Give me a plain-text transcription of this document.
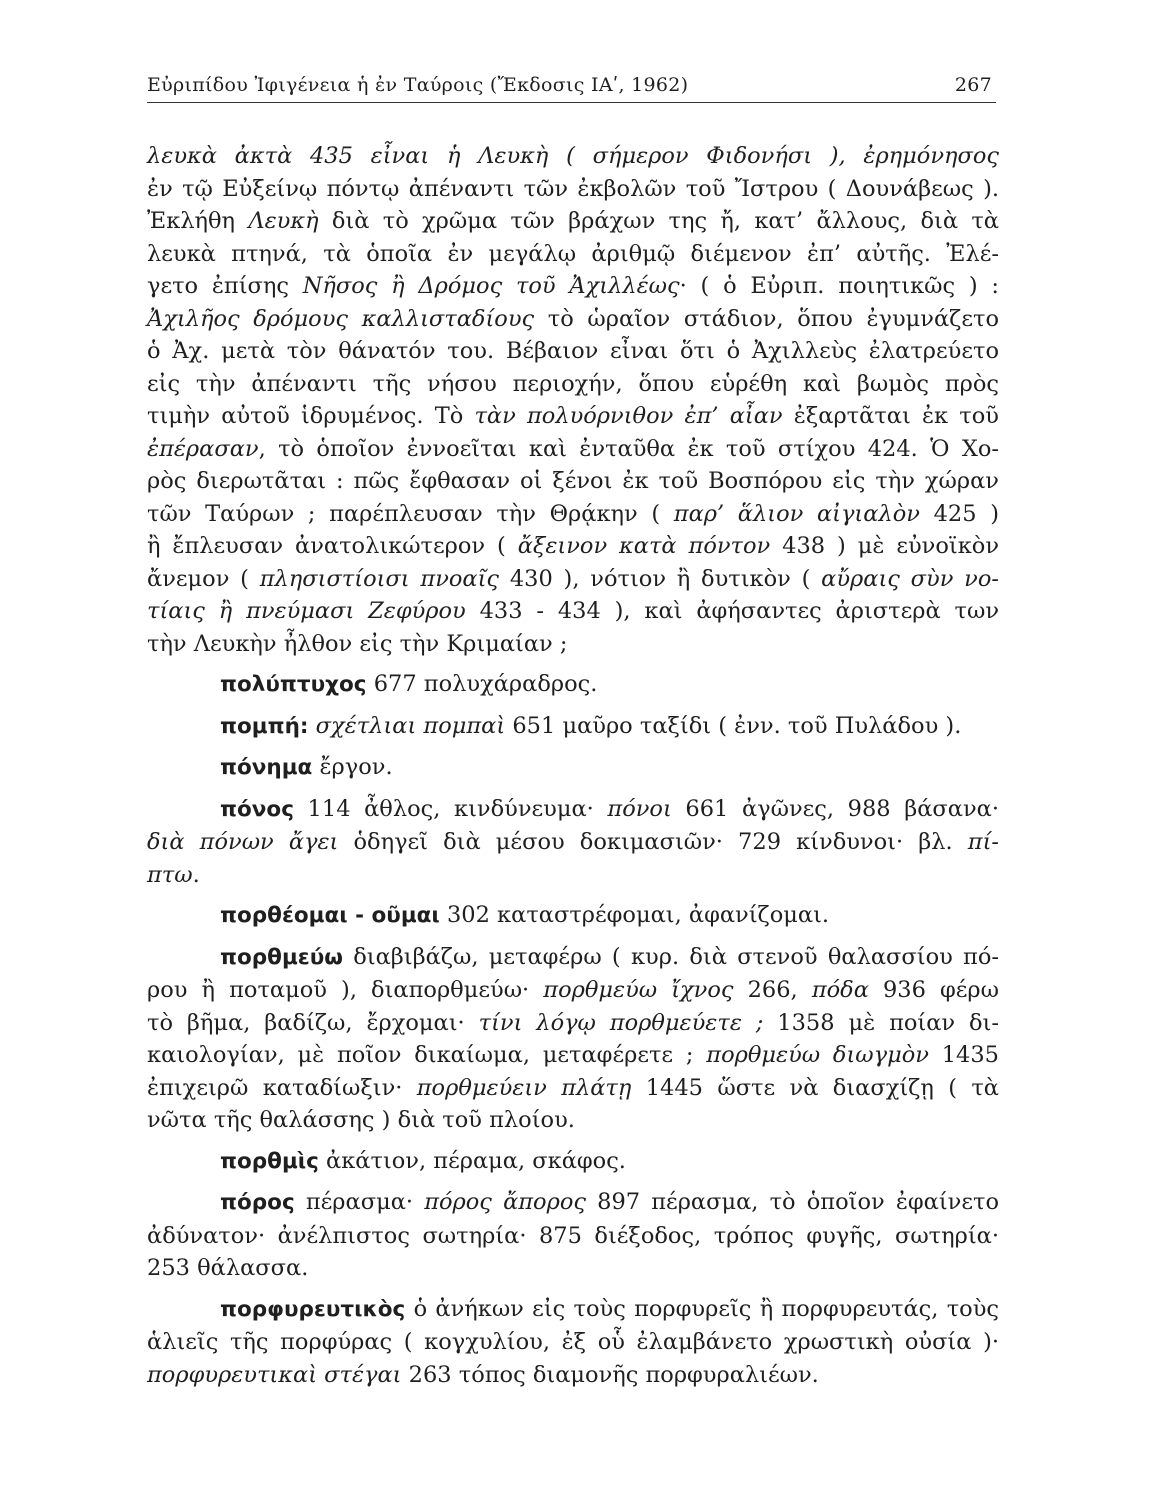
Εὐριπίδου Ἰφιγένεια ἡ ἐν Ταύροις (Ἔκδοσις ΙΑʹ, 1962)	267

λευκὰ ἀκτὰ 435 εἶναι ἡ Λευκὴ ( σήμερον Φιδονήσι ), ἐρημόνησος

ἐν τῷ Εὐξείνῳ πόντῳ ἀπέναντι τῶν ἐκβολῶν τοῦ Ἴστρου ( Δουνάβεως ).

Ἐκλήθη Λευκὴ διὰ τὸ χρῶμα τῶν βράχων της ἤ, κατ’ ἄλλους, διὰ τὰ

λευκὰ πτηνά, τὰ ὁποῖα ἐν μεγάλῳ ἀριθμῷ διέμενον ἐπ’ αὐτῆς. Ἐλέ-

γετο ἐπίσης Νῆσος ἢ Δρόμος τοῦ Ἀχιλλέως· ( ὁ Εὐριπ. ποιητικῶς ) :

Ἀχιλῆος δρόμους καλλισταδίους τὸ ὡραῖον στάδιον, ὅπου ἐγυμνάζετο

ὁ Ἀχ. μετὰ τὸν θάνατόν του. Βέβαιον εἶναι ὅτι ὁ Ἀχιλλεὺς ἐλατρεύετο

εἰς τὴν ἀπέναντι τῆς νήσου περιοχήν, ὅπου εὑρέθη καὶ βωμὸς πρὸς

τιμὴν αὐτοῦ ἱδρυμένος. Τὸ τὰν πολυόρνιθον ἐπ’ αἶαν ἐξαρτᾶται ἐκ τοῦ

ἐπέρασαν, τὸ ὁποῖον ἐννοεῖται καὶ ἐνταῦθα ἐκ τοῦ στίχου 424. Ὁ Χο-

ρὸς διερωτᾶται : πῶς ἔφθασαν οἱ ξένοι ἐκ τοῦ Βοσπόρου εἰς τὴν χώραν

τῶν Ταύρων ; παρέπλευσαν τὴν Θρᾴκην ( παρ’ ἅλιον αἰγιαλὸν 425 )

ἢ ἔπλευσαν ἀνατολικώτερον ( ἄξεινον κατὰ πόντον 438 ) μὲ εὐνοϊκὸν

ἄνεμον ( πλησιστίοισι πνοαῖς 430 ), νότιον ἢ δυτικὸν ( αὔραις σὺν νο-

τίαις ἢ πνεύμασι Ζεφύρου 433 - 434 ), καὶ ἀφήσαντες ἀριστερὰ των

τὴν Λευκὴν ἦλθον εἰς τὴν Κριμαίαν ;

πολύπτυχος 677 πολυχάραδρος.

πομπή: σχέτλιαι πομπαὶ 651 μαῦρο ταξίδι ( ἐνν. τοῦ Πυλάδου ).

πόνημα ἔργον.

πόνος 114 ἆθλος, κινδύνευμα· πόνοι 661 ἀγῶνες, 988 βάσανα·

διὰ πόνων ἄγει ὁδηγεῖ διὰ μέσου δοκιμασιῶν· 729 κίνδυνοι· βλ. πί-

πτω.

πορθέομαι - οῦμαι 302 καταστρέφομαι, ἀφανίζομαι.

πορθμεύω διαβιβάζω, μεταφέρω ( κυρ. διὰ στενοῦ θαλασσίου πό-

ρου ἢ ποταμοῦ ), διαπορθμεύω· πορθμεύω ἴχνος 266, πόδα 936 φέρω

τὸ βῆμα, βαδίζω, ἔρχομαι· τίνι λόγῳ πορθμεύετε ; 1358 μὲ ποίαν δι-

καιολογίαν, μὲ ποῖον δικαίωμα, μεταφέρετε ; πορθμεύω διωγμὸν 1435

ἐπιχειρῶ καταδίωξιν· πορθμεύειν πλάτῃ 1445 ὥστε νὰ διασχίζῃ ( τὰ

νῶτα τῆς θαλάσσης ) διὰ τοῦ πλοίου.

πορθμὶς ἀκάτιον, πέραμα, σκάφος.

πόρος πέρασμα· πόρος ἄπορος 897 πέρασμα, τὸ ὁποῖον ἐφαίνετο

ἀδύνατον· ἀνέλπιστος σωτηρία· 875 διέξοδος, τρόπος φυγῆς, σωτηρία·

253 θάλασσα.

πορφυρευτικὸς ὁ ἀνήκων εἰς τοὺς πορφυρεῖς ἢ πορφυρευτάς, τοὺς

ἁλιεῖς τῆς πορφύρας ( κογχυλίου, ἐξ οὗ ἐλαμβάνετο χρωστικὴ οὐσία )·

πορφυρευτικαὶ στέγαι 263 τόπος διαμονῆς πορφυραλιέων.
